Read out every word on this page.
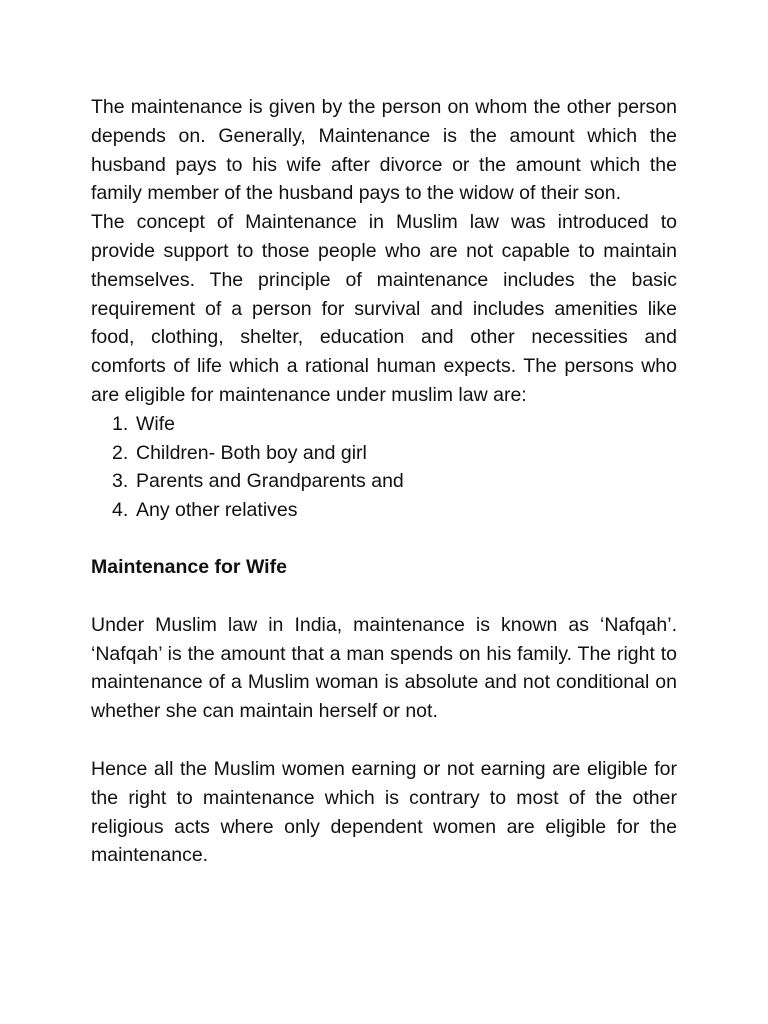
The maintenance is given by the person on whom the other person depends on. Generally, Maintenance is the amount which the husband pays to his wife after divorce or the amount which the family member of the husband pays to the widow of their son.

The concept of Maintenance in Muslim law was introduced to provide support to those people who are not capable to maintain themselves. The principle of maintenance includes the basic requirement of a person for survival and includes amenities like food, clothing, shelter, education and other necessities and comforts of life which a rational human expects. The persons who are eligible for maintenance under muslim law are:

1. Wife
2. Children- Both boy and girl
3. Parents and Grandparents and
4. Any other relatives

Maintenance for Wife

Under Muslim law in India, maintenance is known as ‘Nafqah’. ‘Nafqah’ is the amount that a man spends on his family. The right to maintenance of a Muslim woman is absolute and not conditional on whether she can maintain herself or not.

Hence all the Muslim women earning or not earning are eligible for the right to maintenance which is contrary to most of the other religious acts where only dependent women are eligible for the maintenance.
